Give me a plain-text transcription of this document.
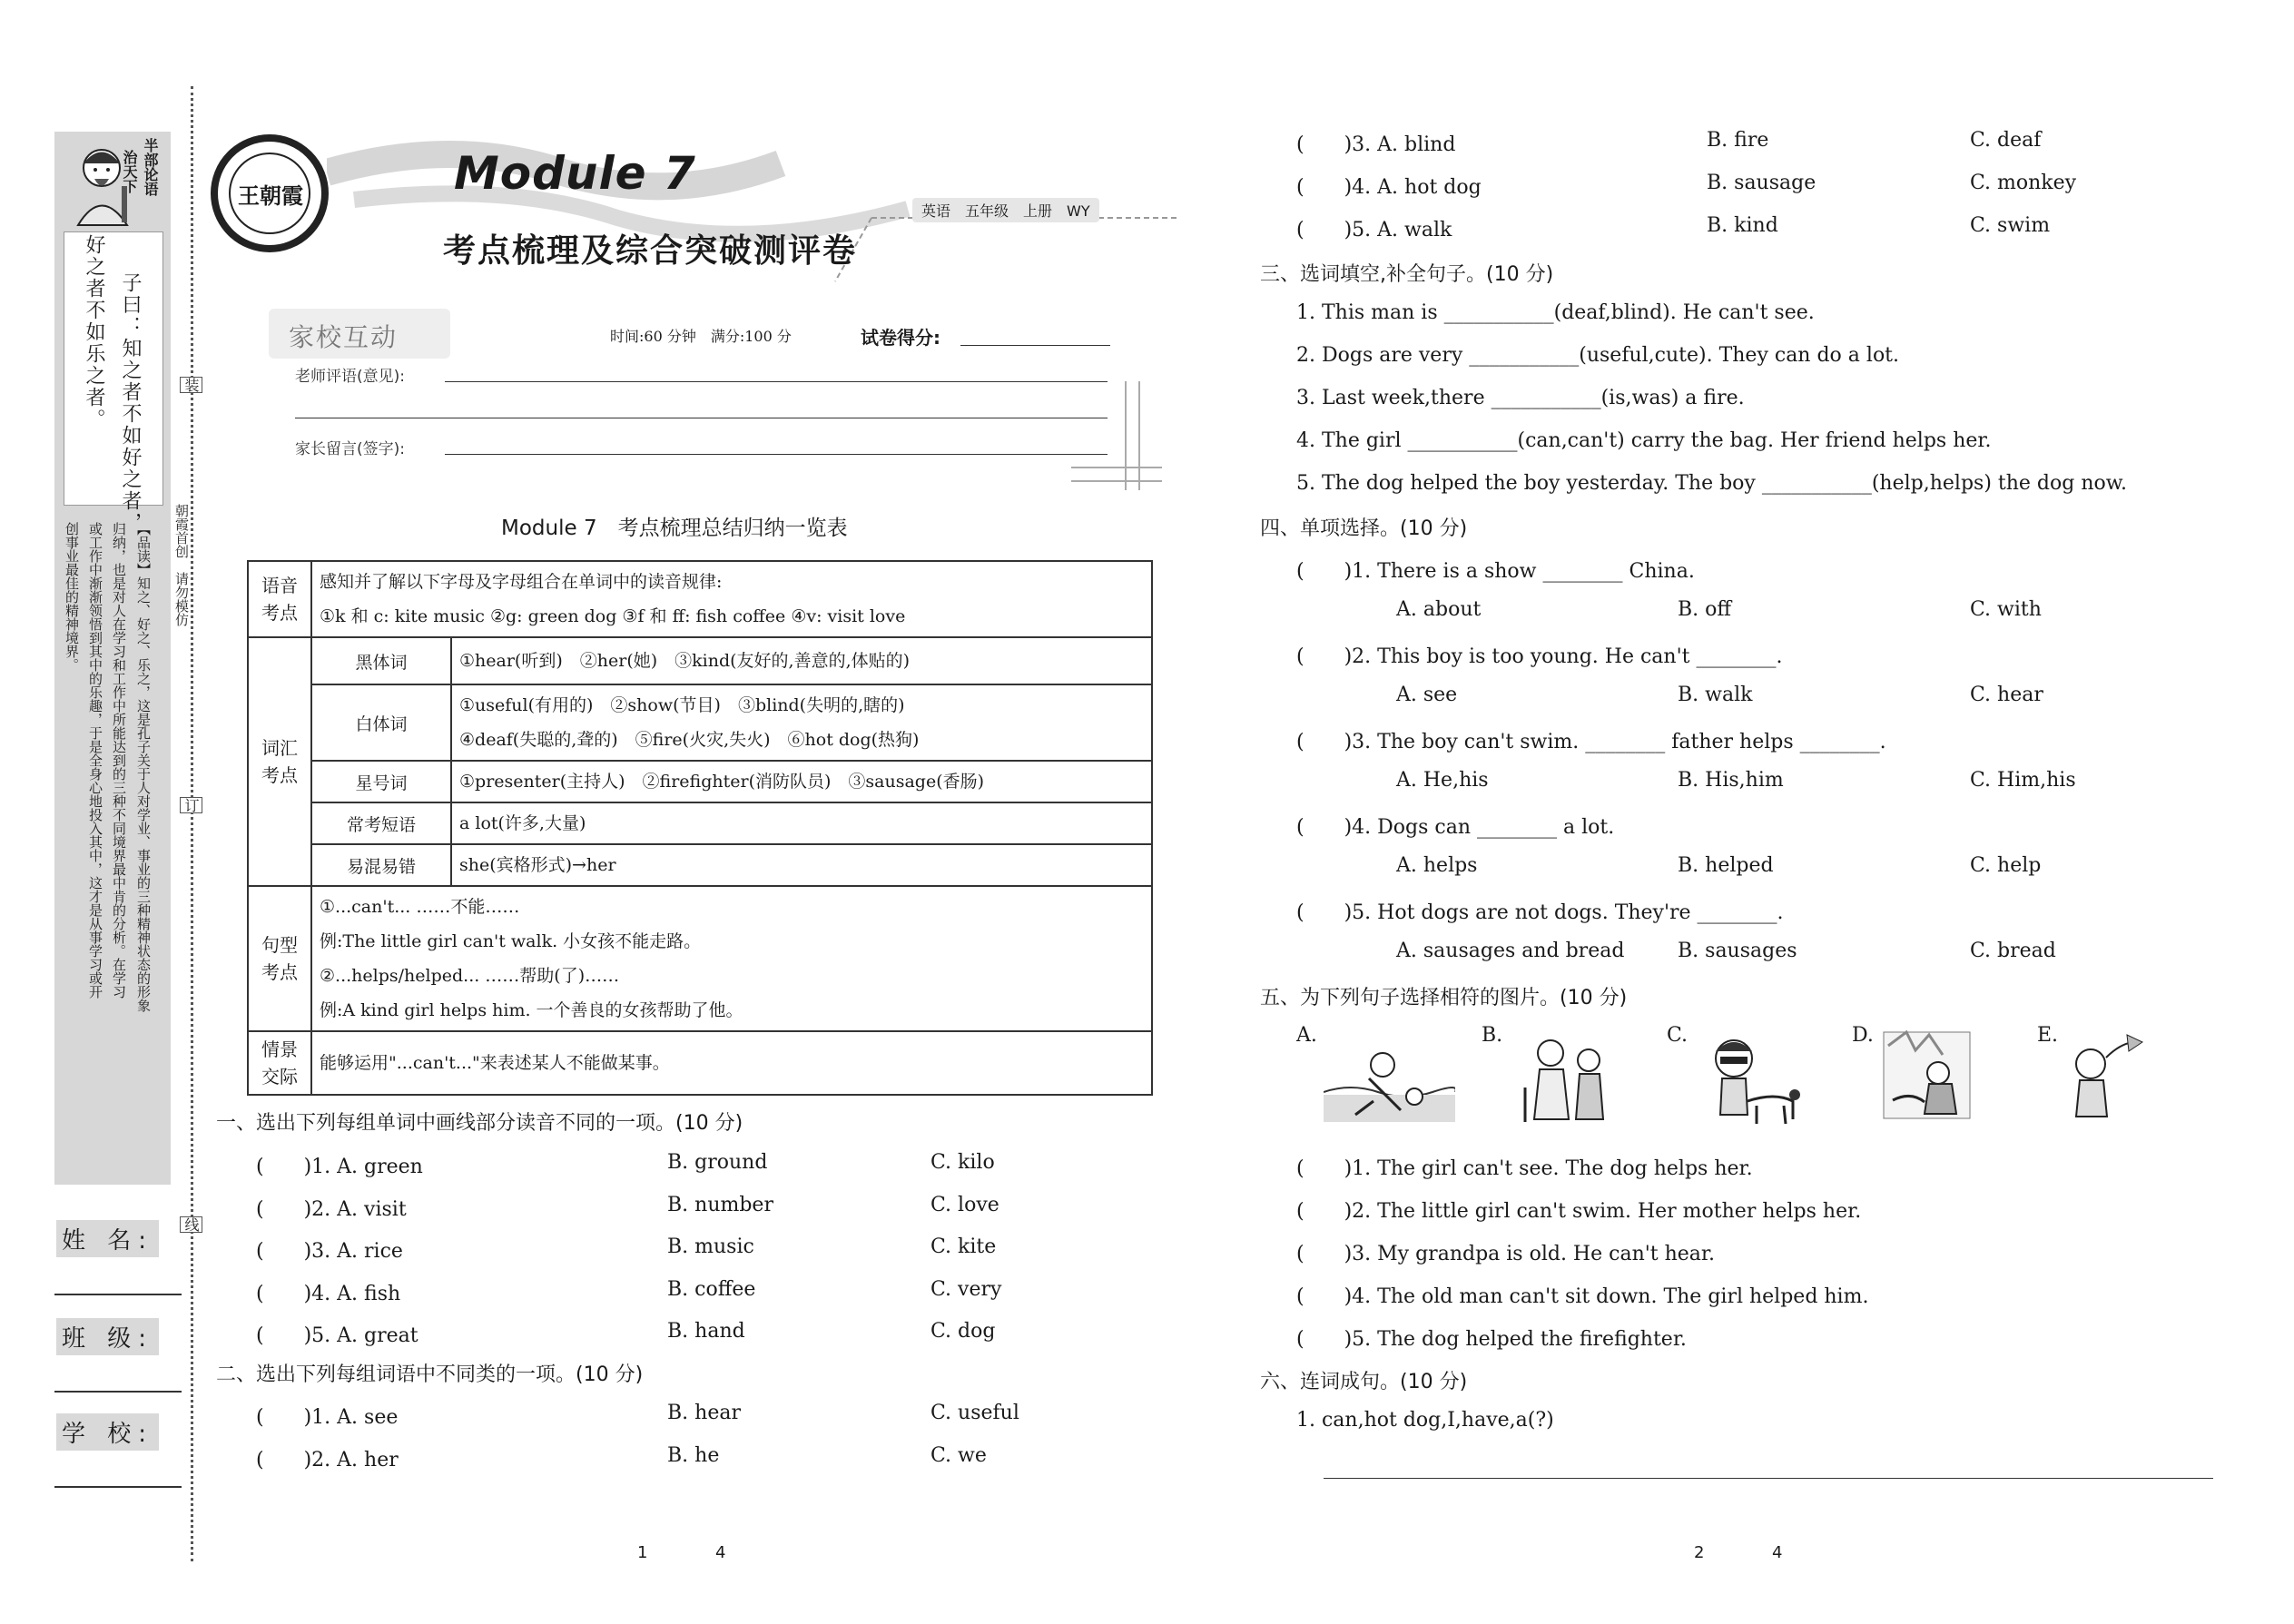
半部论语
治天下
子曰：知之者不如好之者，
好之者不如乐之者。
【品读】知之、好之、乐之，这是孔子关于人对学业、事业的三种精神状态的形象
归纳，也是对人在学习和工作中所能达到的三种不同境界最中肯的分析。在学习
或工作中渐渐领悟到其中的乐趣，于是全身心地投入其中，这才是从事学习或开
创事业最佳的精神境界。
姓 名:
班 级:
学 校:
装
朝霞首创　请勿模仿
订
线
王朝霞	Module 7
考点梳理及综合突破测评卷
英语　五年级　上册　WY
家校互动	时间:60 分钟　满分:100 分	试卷得分:
老师评语(意见):
家长留言(签字):
Module 7　考点梳理总结归纳一览表
语音考点	感知并了解以下字母及字母组合在单词中的读音规律:
①k 和 c: kite music ②g: green dog ③f 和 ff: fish coffee ④v: visit love	

词汇考点	黑体词	①hear(听到)　②her(她)　③kind(友好的,善意的,体贴的)
	白体词	①useful(有用的)　②show(节目)　③blind(失明的,瞎的)
④deaf(失聪的,聋的)　⑤fire(火灾,失火)　⑥hot dog(热狗)

	星号词	①presenter(主持人)　②firefighter(消防队员)　③sausage(香肠)
	常考短语	a lot(许多,大量)
	易混易错	she(宾格形式)→her
句型考点	①...can't... ……不能……
例:The little girl can't walk. 小女孩不能走路。
②...helps/helped... ……帮助(了)……
例:A kind girl helps him. 一个善良的女孩帮助了他。	

情景交际	能够运用"...can't..."来表述某人不能做某事。	
一、选出下列每组单词中画线部分读音不同的一项。(10 分)
(　　)1. A. green	B. ground	C. kilo
(　　)2. A. visit	B. number	C. love
(　　)3. A. rice	B. music	C. kite
(　　)4. A. fish	B. coffee	C. very
(　　)5. A. great	B. hand	C. dog
二、选出下列每组词语中不同类的一项。(10 分)
(　　)1. A. see	B. hear	C. useful
(　　)2. A. her	B. he	C. we
(　　)3. A. blind	B. fire	C. deaf
(　　)4. A. hot dog	B. sausage	C. monkey
(　　)5. A. walk	B. kind	C. swim
三、选词填空,补全句子。(10 分)
1. This man is ___________(deaf,blind). He can't see.
2. Dogs are very ___________(useful,cute). They can do a lot.
3. Last week,there ___________(is,was) a fire.
4. The girl ___________(can,can't) carry the bag. Her friend helps her.
5. The dog helped the boy yesterday. The boy ___________(help,helps) the dog now.
四、单项选择。(10 分)
(　　)1. There is a show ________ China.
A. about	B. off	C. with
(　　)2. This boy is too young. He can't ________.
A. see	B. walk	C. hear
(　　)3. The boy can't swim. ________ father helps ________.
A. He,his	B. His,him	C. Him,his
(　　)4. Dogs can ________ a lot.
A. helps	B. helped	C. help
(　　)5. Hot dogs are not dogs. They're ________.
A. sausages and bread	B. sausages	C. bread
五、为下列句子选择相符的图片。(10 分)
A.	B.	C.	D.	E.
(　　)1. The girl can't see. The dog helps her.
(　　)2. The little girl can't swim. Her mother helps her.
(　　)3. My grandpa is old. He can't hear.
(　　)4. The old man can't sit down. The girl helped him.
(　　)5. The dog helped the firefighter.
六、连词成句。(10 分)
1. can,hot dog,I,have,a(?)
1	4	2	4
